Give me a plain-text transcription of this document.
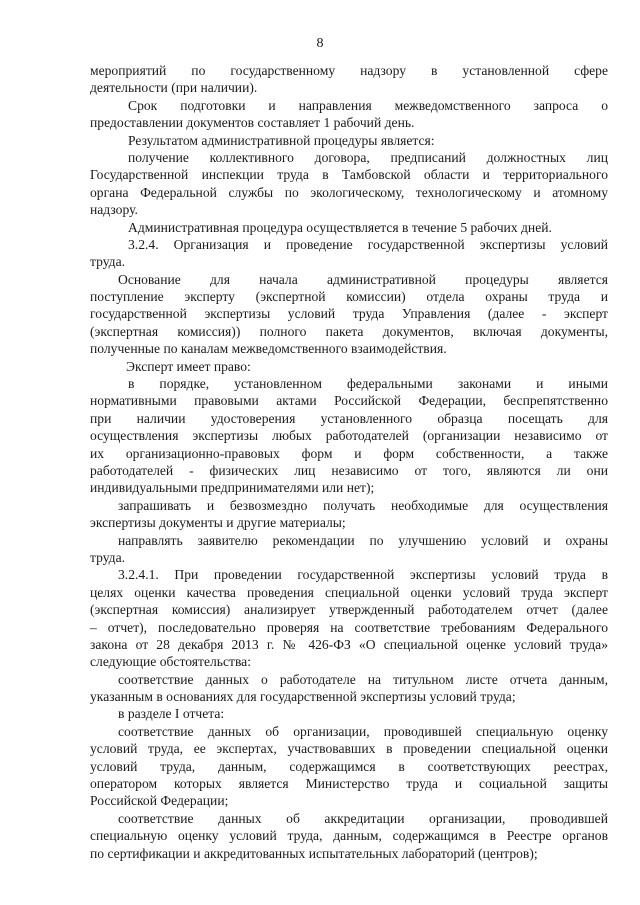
8
мероприятий по государственному надзору в установленной сфере
деятельности (при наличии).
Срок подготовки и направления межведомственного запроса о
предоставлении документов составляет 1 рабочий день.
Результатом административной процедуры является:
получение коллективного договора, предписаний должностных лиц
Государственной инспекции труда в Тамбовской области и территориального
органа Федеральной службы по экологическому, технологическому и атомному
надзору.
Административная процедура осуществляется в течение 5 рабочих дней.
3.2.4. Организация и проведение государственной экспертизы условий
труда.
Основание для начала административной процедуры является
поступление эксперту (экспертной комиссии) отдела охраны труда и
государственной экспертизы условий труда Управления (далее - эксперт
(экспертная комиссия)) полного пакета документов, включая документы,
полученные по каналам межведомственного взаимодействия.
Эксперт имеет право:
в порядке, установленном федеральными законами и иными
нормативными правовыми актами Российской Федерации, беспрепятственно
при наличии удостоверения установленного образца посещать для
осуществления экспертизы любых работодателей (организации независимо от
их организационно-правовых форм и форм собственности, а также
работодателей - физических лиц независимо от того, являются ли они
индивидуальными предпринимателями или нет);
запрашивать и безвозмездно получать необходимые для осуществления
экспертизы документы и другие материалы;
направлять заявителю рекомендации по улучшению условий и охраны
труда.
3.2.4.1. При проведении государственной экспертизы условий труда в
целях оценки качества проведения специальной оценки условий труда эксперт
(экспертная комиссия) анализирует утвержденный работодателем отчет (далее
– отчет), последовательно проверяя на соответствие требованиям Федерального
закона от 28 декабря 2013 г. № 426-ФЗ «О специальной оценке условий труда»
следующие обстоятельства:
соответствие данных о работодателе на титульном листе отчета данным,
указанным в основаниях для государственной экспертизы условий труда;
в разделе I отчета:
соответствие данных об организации, проводившей специальную оценку
условий труда, ее экспертах, участвовавших в проведении специальной оценки
условий труда, данным, содержащимся в соответствующих реестрах,
оператором которых является Министерство труда и социальной защиты
Российской Федерации;
соответствие данных об аккредитации организации, проводившей
специальную оценку условий труда, данным, содержащимся в Реестре органов
по сертификации и аккредитованных испытательных лабораторий (центров);
